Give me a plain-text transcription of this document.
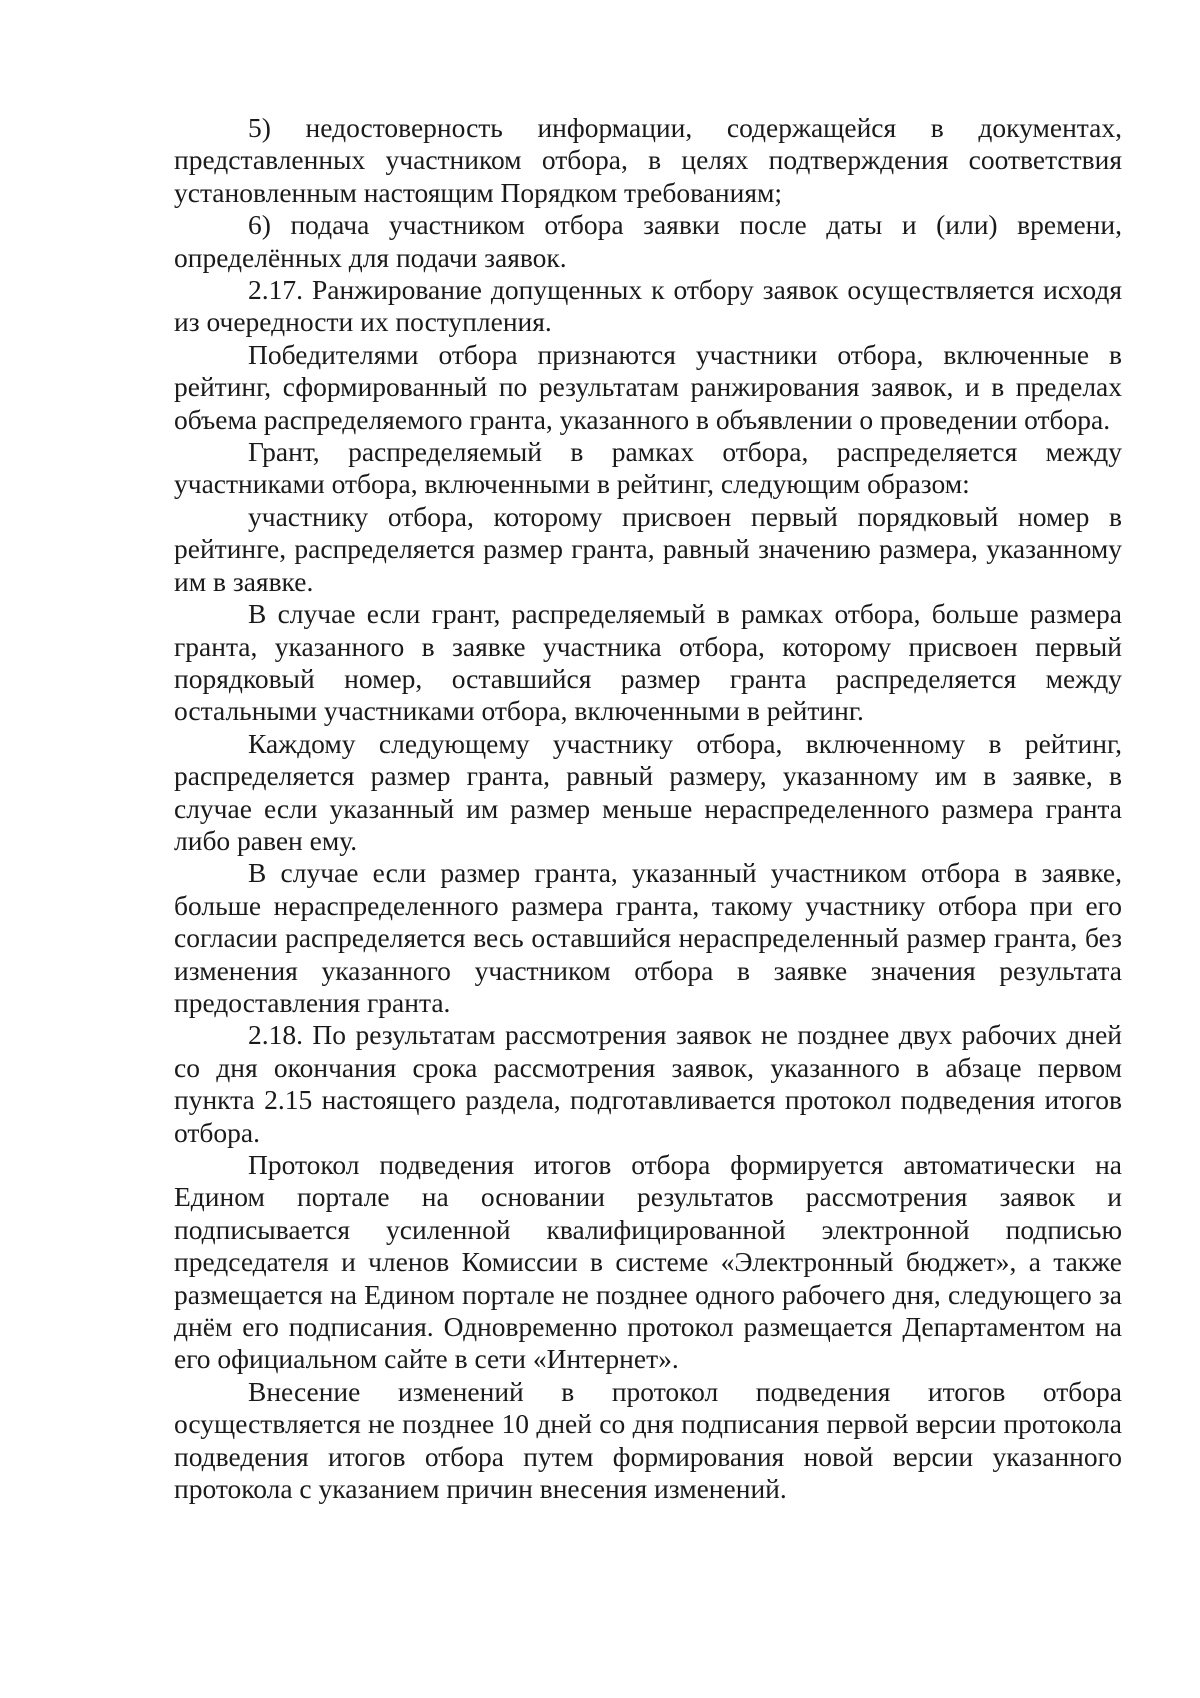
5) недостоверность информации, содержащейся в документах, представленных участником отбора, в целях подтверждения соответствия установленным настоящим Порядком требованиям;

6) подача участником отбора заявки после даты и (или) времени, определённых для подачи заявок.

2.17. Ранжирование допущенных к отбору заявок осуществляется исходя из очередности их поступления.

Победителями отбора признаются участники отбора, включенные в рейтинг, сформированный по результатам ранжирования заявок, и в пределах объема распределяемого гранта, указанного в объявлении о проведении отбора.

Грант, распределяемый в рамках отбора, распределяется между участниками отбора, включенными в рейтинг, следующим образом:

участнику отбора, которому присвоен первый порядковый номер в рейтинге, распределяется размер гранта, равный значению размера, указанному им в заявке.

В случае если грант, распределяемый в рамках отбора, больше размера гранта, указанного в заявке участника отбора, которому присвоен первый порядковый номер, оставшийся размер гранта распределяется между остальными участниками отбора, включенными в рейтинг.

Каждому следующему участнику отбора, включенному в рейтинг, распределяется размер гранта, равный размеру, указанному им в заявке, в случае если указанный им размер меньше нераспределенного размера гранта либо равен ему.

В случае если размер гранта, указанный участником отбора в заявке, больше нераспределенного размера гранта, такому участнику отбора при его согласии распределяется весь оставшийся нераспределенный размер гранта, без изменения указанного участником отбора в заявке значения результата предоставления гранта.

2.18. По результатам рассмотрения заявок не позднее двух рабочих дней со дня окончания срока рассмотрения заявок, указанного в абзаце первом пункта 2.15 настоящего раздела, подготавливается протокол подведения итогов отбора.

Протокол подведения итогов отбора формируется автоматически на Едином портале на основании результатов рассмотрения заявок и подписывается усиленной квалифицированной электронной подписью председателя и членов Комиссии в системе «Электронный бюджет», а также размещается на Едином портале не позднее одного рабочего дня, следующего за днём его подписания. Одновременно протокол размещается Департаментом на его официальном сайте в сети «Интернет».

Внесение изменений в протокол подведения итогов отбора осуществляется не позднее 10 дней со дня подписания первой версии протокола подведения итогов отбора путем формирования новой версии указанного протокола с указанием причин внесения изменений.
